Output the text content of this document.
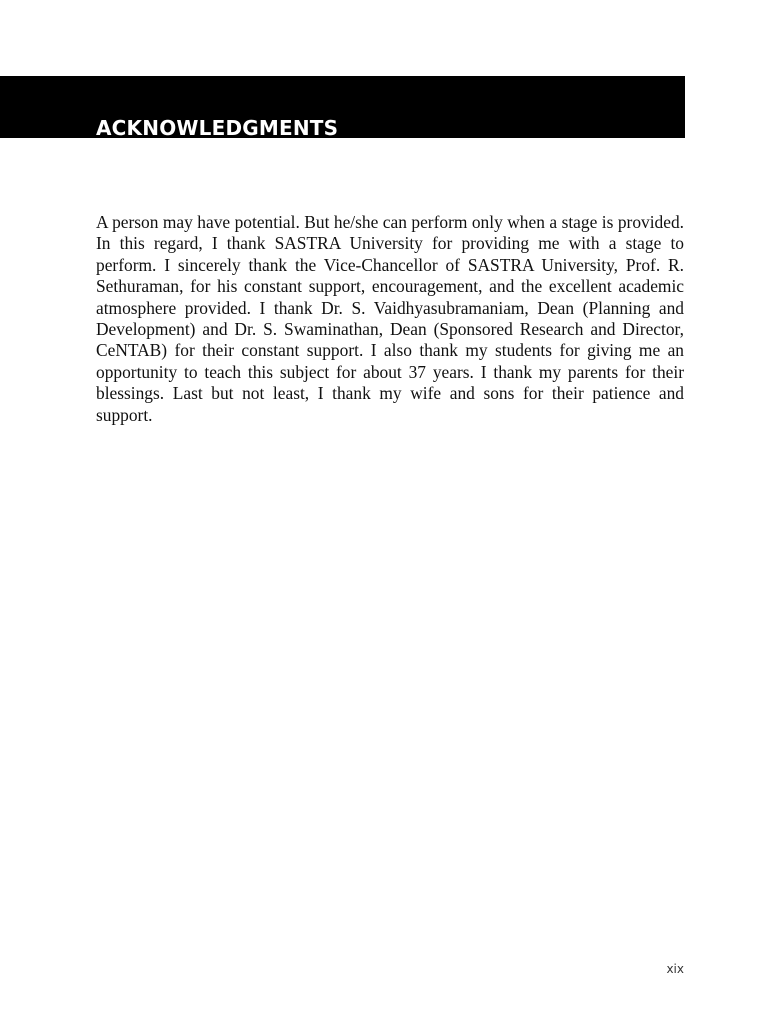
ACKNOWLEDGMENTS

A person may have potential. But he/she can perform only when a stage is provided. In this regard, I thank SASTRA University for providing me with a stage to perform. I sincerely thank the Vice-Chancellor of SASTRA University, Prof. R. Sethuraman, for his constant support, encouragement, and the excellent academic atmosphere provided. I thank Dr. S. Vaidhyasubramaniam, Dean (Planning and Development) and Dr. S. Swaminathan, Dean (Sponsored Research and Director, CeNTAB) for their constant support. I also thank my students for giving me an opportunity to teach this subject for about 37 years. I thank my parents for their blessings. Last but not least, I thank my wife and sons for their patience and support.

xix
